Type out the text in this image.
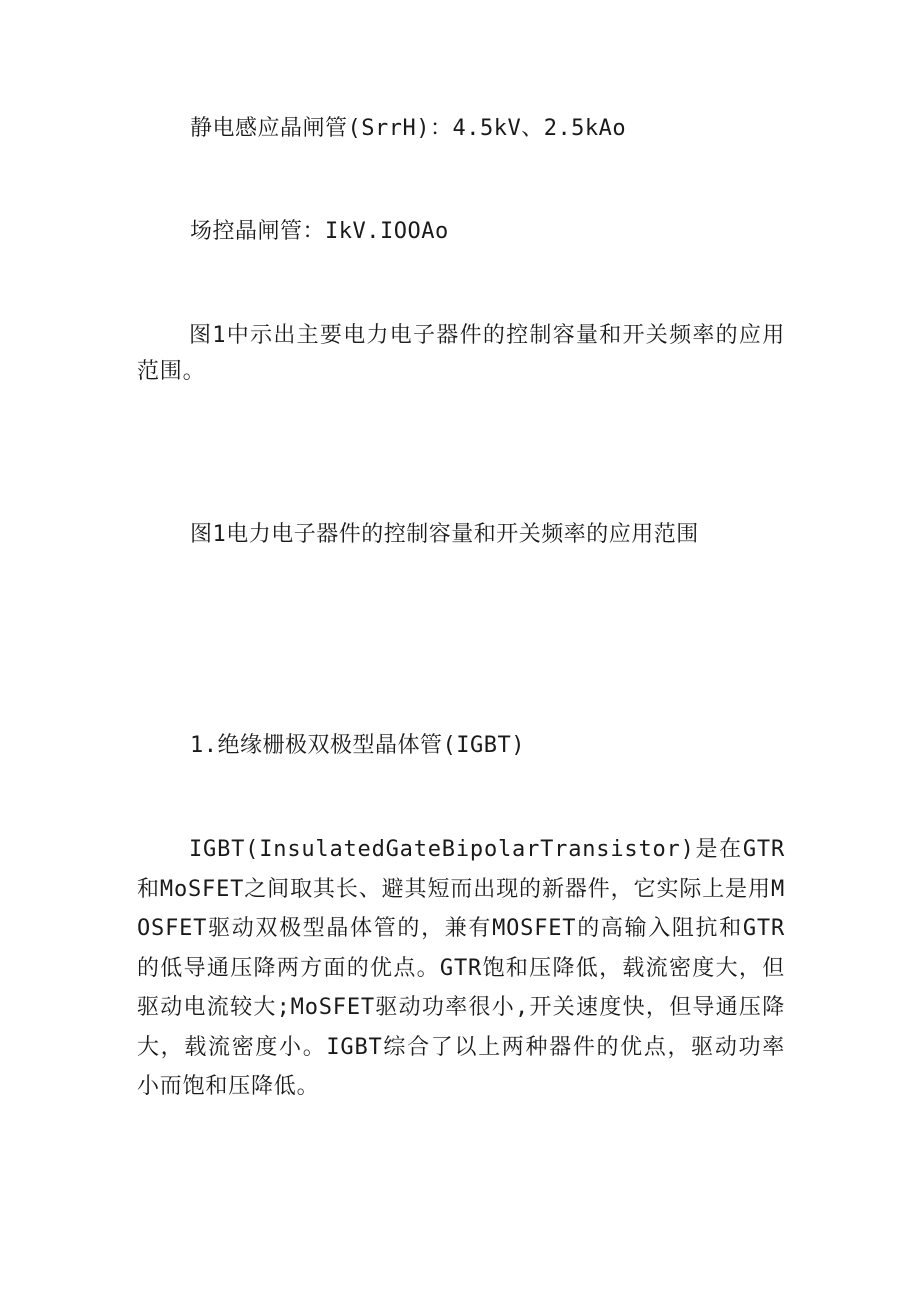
静电感应晶闸管(SrrH)：4.5kV、2.5kAo
场控晶闸管：IkV.IOOAo
图1中示出主要电力电子器件的控制容量和开关频率的应用范围。
图1电力电子器件的控制容量和开关频率的应用范围
1.绝缘栅极双极型晶体管(IGBT)
IGBT(InsulatedGateBipolarTransistor)是在GTR和MoSFET之间取其长、避其短而出现的新器件，它实际上是用MOSFET驱动双极型晶体管的，兼有MOSFET的高输入阻抗和GTR的低导通压降两方面的优点。GTR饱和压降低，载流密度大，但驱动电流较大;MoSFET驱动功率很小,开关速度快，但导通压降大，载流密度小。IGBT综合了以上两种器件的优点，驱动功率小而饱和压降低。
